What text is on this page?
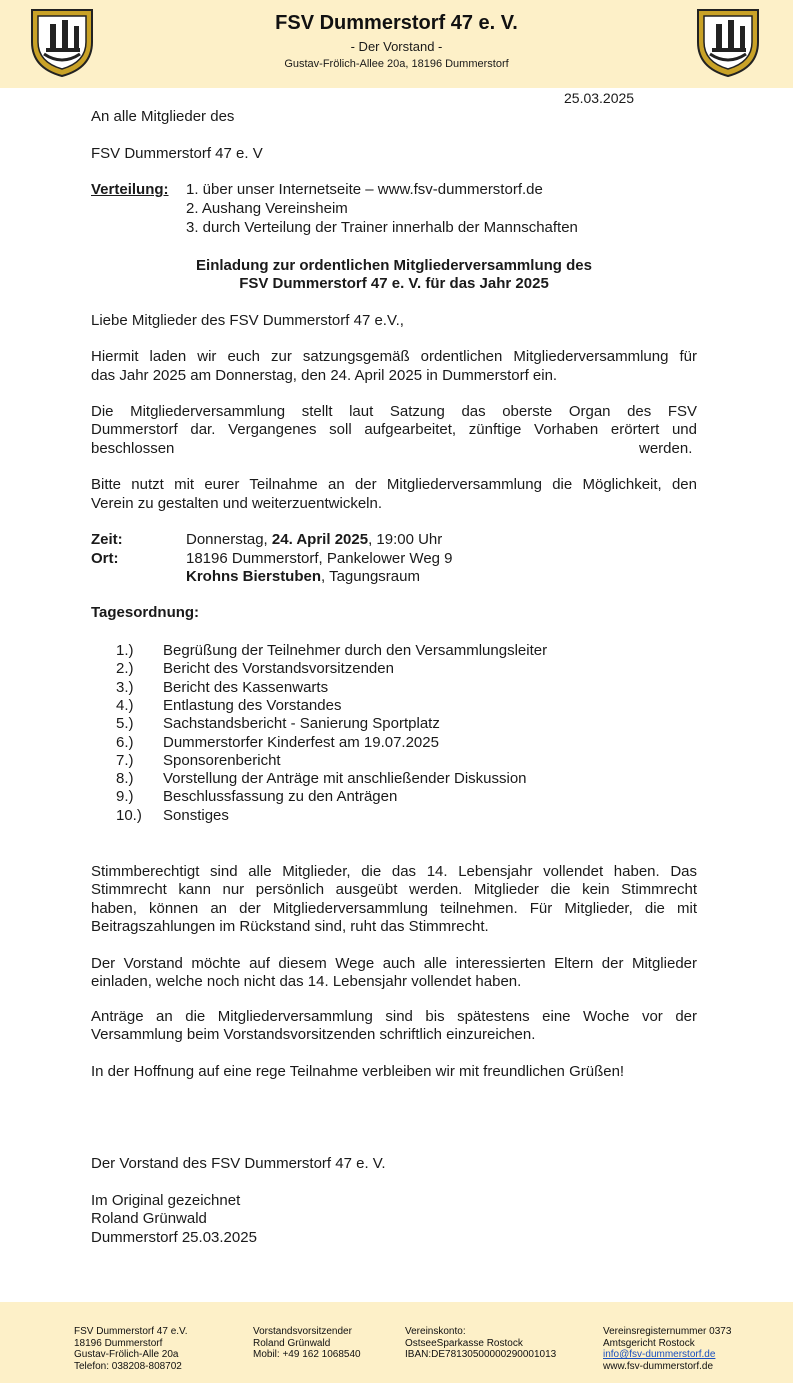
FSV Dummerstorf 47 e. V.
- Der Vorstand -
Gustav-Frölich-Allee 20a, 18196 Dummerstorf
25.03.2025
An alle Mitglieder des
FSV Dummerstorf 47 e. V
Verteilung: 1. über unser Internetseite – www.fsv-dummerstorf.de
2. Aushang Vereinsheim
3. durch Verteilung der Trainer innerhalb der Mannschaften
Einladung zur ordentlichen Mitgliederversammlung des
FSV Dummerstorf 47 e. V. für das Jahr 2025
Liebe Mitglieder des FSV Dummerstorf 47 e.V.,
Hiermit laden wir euch zur satzungsgemäß ordentlichen Mitgliederversammlung für
das Jahr 2025 am Donnerstag, den 24. April 2025 in Dummerstorf ein.
Die Mitgliederversammlung stellt laut Satzung das oberste Organ des FSV
Dummerstorf dar. Vergangenes soll aufgearbeitet, zünftige Vorhaben erörtert und
beschlossen	werden.
Bitte nutzt mit eurer Teilnahme an der Mitgliederversammlung die Möglichkeit, den
Verein zu gestalten und weiterzuentwickeln.
Zeit:	Donnerstag, 24. April 2025, 19:00 Uhr
Ort:	18196 Dummerstorf, Pankelower Weg 9
Krohns Bierstuben, Tagungsraum
Tagesordnung:
1.) Begrüßung der Teilnehmer durch den Versammlungsleiter
2.) Bericht des Vorstandsvorsitzenden
3.) Bericht des Kassenwarts
4.) Entlastung des Vorstandes
5.) Sachstandsbericht - Sanierung Sportplatz
6.) Dummerstorfer Kinderfest am 19.07.2025
7.) Sponsorenbericht
8.) Vorstellung der Anträge mit anschließender Diskussion
9.) Beschlussfassung zu den Anträgen
10.) Sonstiges
Stimmberechtigt sind alle Mitglieder, die das 14. Lebensjahr vollendet haben. Das
Stimmrecht kann nur persönlich ausgeübt werden. Mitglieder die kein Stimmrecht
haben, können an der Mitgliederversammlung teilnehmen. Für Mitglieder, die mit
Beitragszahlungen im Rückstand sind, ruht das Stimmrecht.
Der Vorstand möchte auf diesem Wege auch alle interessierten Eltern der Mitglieder
einladen, welche noch nicht das 14. Lebensjahr vollendet haben.
Anträge an die Mitgliederversammlung sind bis spätestens eine Woche vor der
Versammlung beim Vorstandsvorsitzenden schriftlich einzureichen.
In der Hoffnung auf eine rege Teilnahme verbleiben wir mit freundlichen Grüßen!
Der Vorstand des FSV Dummerstorf 47 e. V.
Im Original gezeichnet
Roland Grünwald
Dummerstorf 25.03.2025
FSV Dummerstorf 47 e.V.
18196 Dummerstorf
Gustav-Frölich-Alle 20a
Telefon: 038208-808702
Vorstandsvorsitzender
Roland Grünwald
Mobil: +49 162 1068540
Vereinskonto:
OstseeSparkasse Rostock
IBAN:DE78130500000290001013
Vereinsregisternummer 0373
Amtsgericht Rostock
info@fsv-dummerstorf.de
www.fsv-dummerstorf.de
